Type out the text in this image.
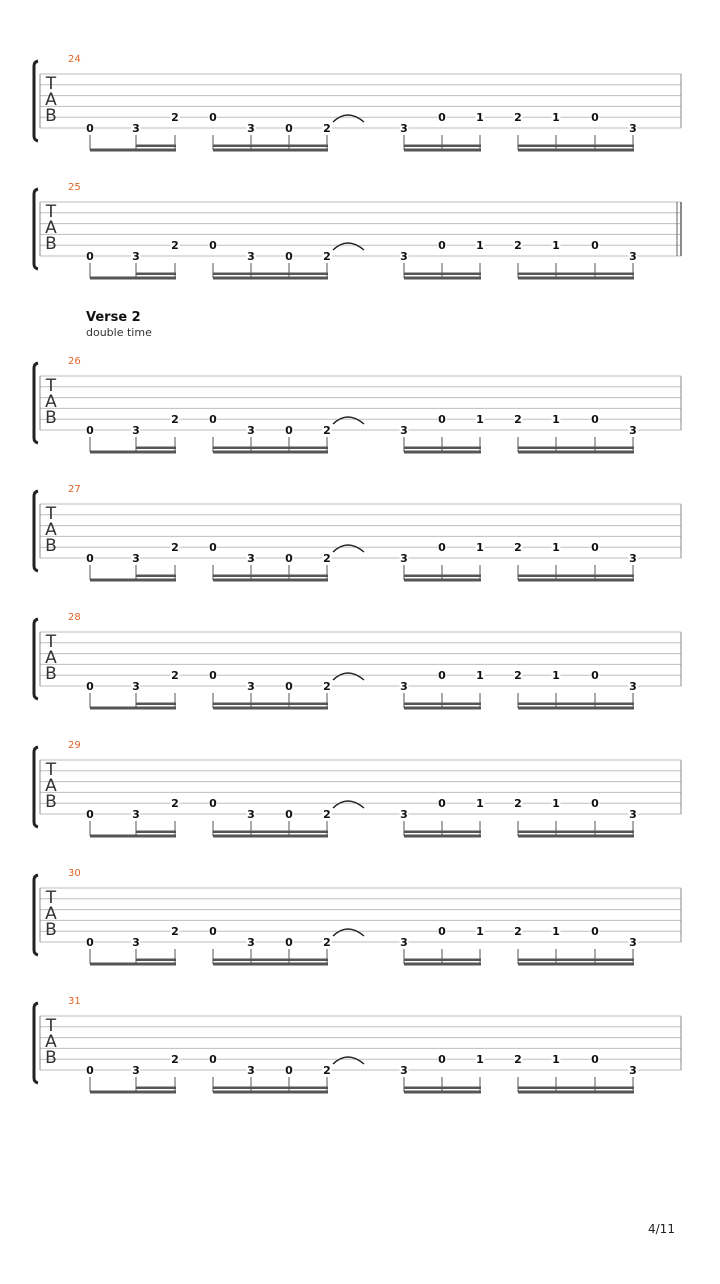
24
T
A
B
0	3
2	0
3	0	2	3
0	1	2	1	0
3
25
T
A
B
0	3
2	0
3	0	2	3
0	1	2	1	0
3
26
T
A
B
0	3
2	0
3	0	2	3
0	1	2	1	0
3
27
T
A
B
0	3
2	0
3	0	2	3
0	1	2	1	0
3
28
T
A
B
0	3
2	0
3	0	2	3
0	1	2	1	0
3
29
T
A
B
0	3
2	0
3	0	2	3
0	1	2	1	0
3
30
T
A
B
0	3
2	0
3	0	2	3
0	1	2	1	0
3
31
T
A
B
0	3
2	0
3	0	2	3
0	1	2	1	0
3
Verse 2
double time
4/11
